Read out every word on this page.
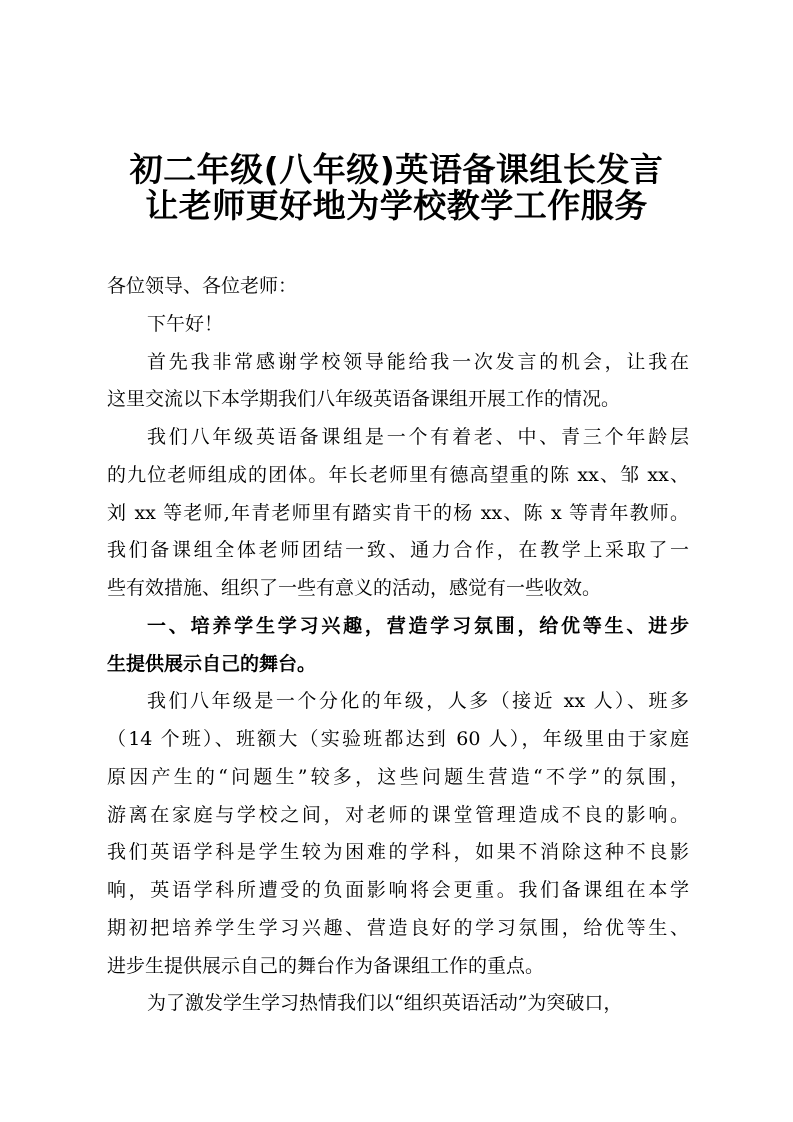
初二年级(八年级)英语备课组长发言
让老师更好地为学校教学工作服务
各位领导、各位老师：
下午好！
首先我非常感谢学校领导能给我一次发言的机会，让我在
这里交流以下本学期我们八年级英语备课组开展工作的情况。
我们八年级英语备课组是一个有着老、中、青三个年龄层
的九位老师组成的团体。年长老师里有德高望重的陈 xx、邹 xx、
刘 xx 等老师,年青老师里有踏实肯干的杨 xx、陈 x 等青年教师。
我们备课组全体老师团结一致、通力合作，在教学上采取了一
些有效措施、组织了一些有意义的活动，感觉有一些收效。
一、培养学生学习兴趣，营造学习氛围，给优等生、进步
生提供展示自己的舞台。
我们八年级是一个分化的年级，人多（接近 xx 人）、班多
（14 个班）、班额大（实验班都达到 60 人），年级里由于家庭
原因产生的“问题生”较多，这些问题生营造“不学”的氛围，
游离在家庭与学校之间，对老师的课堂管理造成不良的影响。
我们英语学科是学生较为困难的学科，如果不消除这种不良影
响，英语学科所遭受的负面影响将会更重。我们备课组在本学
期初把培养学生学习兴趣、营造良好的学习氛围，给优等生、
进步生提供展示自己的舞台作为备课组工作的重点。
为了激发学生学习热情我们以“组织英语活动”为突破口，
